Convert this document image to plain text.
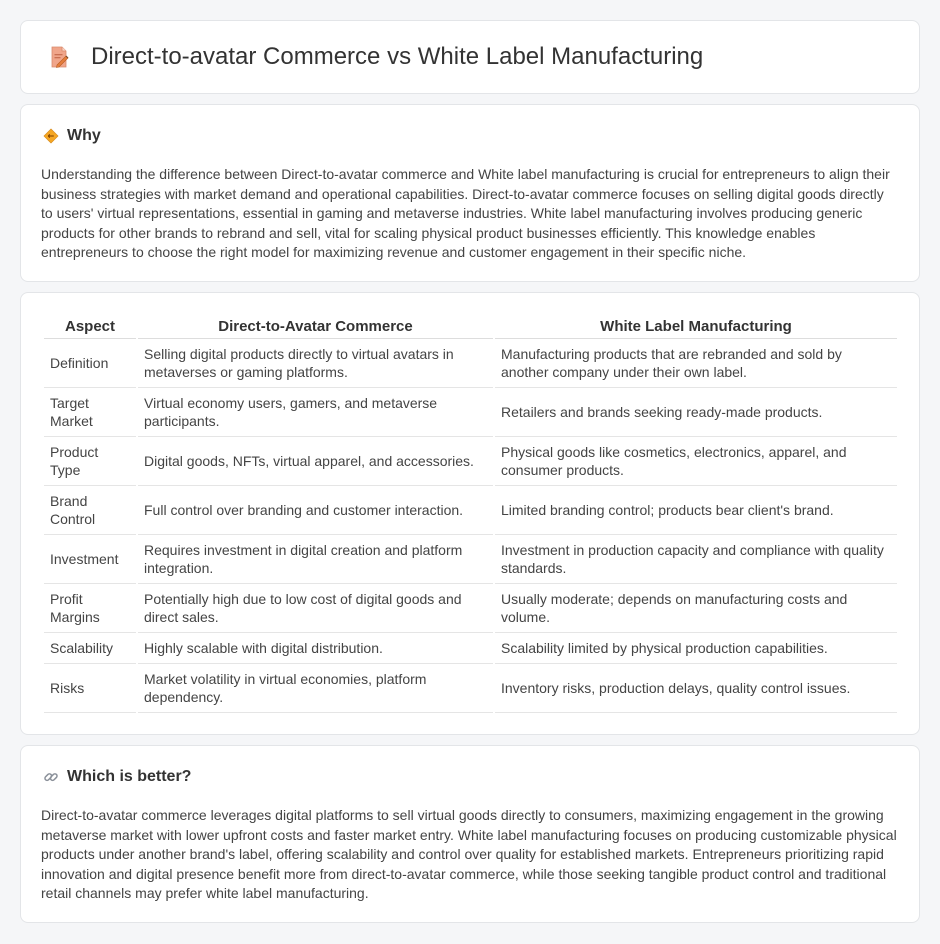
Direct-to-avatar Commerce vs White Label Manufacturing
Why

Understanding the difference between Direct-to-avatar commerce and White label manufacturing is crucial for entrepreneurs to align their business strategies with market demand and operational capabilities. Direct-to-avatar commerce focuses on selling digital goods directly to users' virtual representations, essential in gaming and metaverse industries. White label manufacturing involves producing generic products for other brands to rebrand and sell, vital for scaling physical product businesses efficiently. This knowledge enables entrepreneurs to choose the right model for maximizing revenue and customer engagement in their specific niche.

Aspect	Direct-to-Avatar Commerce	White Label Manufacturing
Definition	Selling digital products directly to virtual avatars in metaverses or gaming platforms.	Manufacturing products that are rebranded and sold by another company under their own label.
Target Market	Virtual economy users, gamers, and metaverse participants.	Retailers and brands seeking ready-made products.
Product Type	Digital goods, NFTs, virtual apparel, and accessories.	Physical goods like cosmetics, electronics, apparel, and consumer products.
Brand Control	Full control over branding and customer interaction.	Limited branding control; products bear client's brand.
Investment	Requires investment in digital creation and platform integration.	Investment in production capacity and compliance with quality standards.
Profit Margins	Potentially high due to low cost of digital goods and direct sales.	Usually moderate; depends on manufacturing costs and volume.
Scalability	Highly scalable with digital distribution.	Scalability limited by physical production capabilities.
Risks	Market volatility in virtual economies, platform dependency.	Inventory risks, production delays, quality control issues.
Which is better?

Direct-to-avatar commerce leverages digital platforms to sell virtual goods directly to consumers, maximizing engagement in the growing metaverse market with lower upfront costs and faster market entry. White label manufacturing focuses on producing customizable physical products under another brand's label, offering scalability and control over quality for established markets. Entrepreneurs prioritizing rapid innovation and digital presence benefit more from direct-to-avatar commerce, while those seeking tangible product control and traditional retail channels may prefer white label manufacturing.
